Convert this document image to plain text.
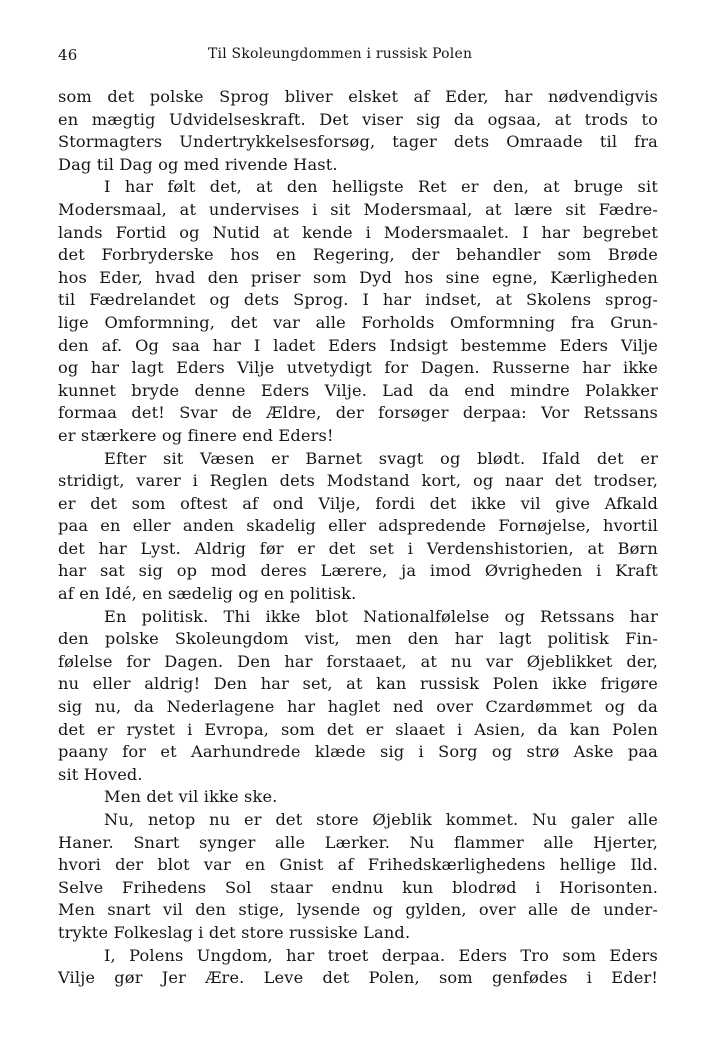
46	Til Skoleungdommen i russisk Polen
som det polske Sprog bliver elsket af Eder, har nødvendigvis
en mægtig Udvidelseskraft. Det viser sig da ogsaa, at trods to
Stormagters Undertrykkelsesforsøg, tager dets Omraade til fra
Dag til Dag og med rivende Hast.
I har følt det, at den helligste Ret er den, at bruge sit
Modersmaal, at undervises i sit Modersmaal, at lære sit Fædre-
lands Fortid og Nutid at kende i Modersmaalet. I har begrebet
det Forbryderske hos en Regering, der behandler som Brøde
hos Eder, hvad den priser som Dyd hos sine egne, Kærligheden
til Fædrelandet og dets Sprog. I har indset, at Skolens sprog-
lige Omformning, det var alle Forholds Omformning fra Grun-
den af. Og saa har I ladet Eders Indsigt bestemme Eders Vilje
og har lagt Eders Vilje utvetydigt for Dagen. Russerne har ikke
kunnet bryde denne Eders Vilje. Lad da end mindre Polakker
formaa det! Svar de Ældre, der forsøger derpaa: Vor Retssans
er stærkere og finere end Eders!
Efter sit Væsen er Barnet svagt og blødt. Ifald det er
stridigt, varer i Reglen dets Modstand kort, og naar det trodser,
er det som oftest af ond Vilje, fordi det ikke vil give Afkald
paa en eller anden skadelig eller adspredende Fornøjelse, hvortil
det har Lyst. Aldrig før er det set i Verdenshistorien, at Børn
har sat sig op mod deres Lærere, ja imod Øvrigheden i Kraft
af en Idé, en sædelig og en politisk.
En politisk. Thi ikke blot Nationalfølelse og Retssans har
den polske Skoleungdom vist, men den har lagt politisk Fin-
følelse for Dagen. Den har forstaaet, at nu var Øjeblikket der,
nu eller aldrig! Den har set, at kan russisk Polen ikke frigøre
sig nu, da Nederlagene har haglet ned over Czardømmet og da
det er rystet i Evropa, som det er slaaet i Asien, da kan Polen
paany for et Aarhundrede klæde sig i Sorg og strø Aske paa
sit Hoved.
Men det vil ikke ske.
Nu, netop nu er det store Øjeblik kommet. Nu galer alle
Haner. Snart synger alle Lærker. Nu flammer alle Hjerter,
hvori der blot var en Gnist af Frihedskærlighedens hellige Ild.
Selve Frihedens Sol staar endnu kun blodrød i Horisonten.
Men snart vil den stige, lysende og gylden, over alle de under-
trykte Folkeslag i det store russiske Land.
I, Polens Ungdom, har troet derpaa. Eders Tro som Eders
Vilje gør Jer Ære. Leve det Polen, som genfødes i Eder!
